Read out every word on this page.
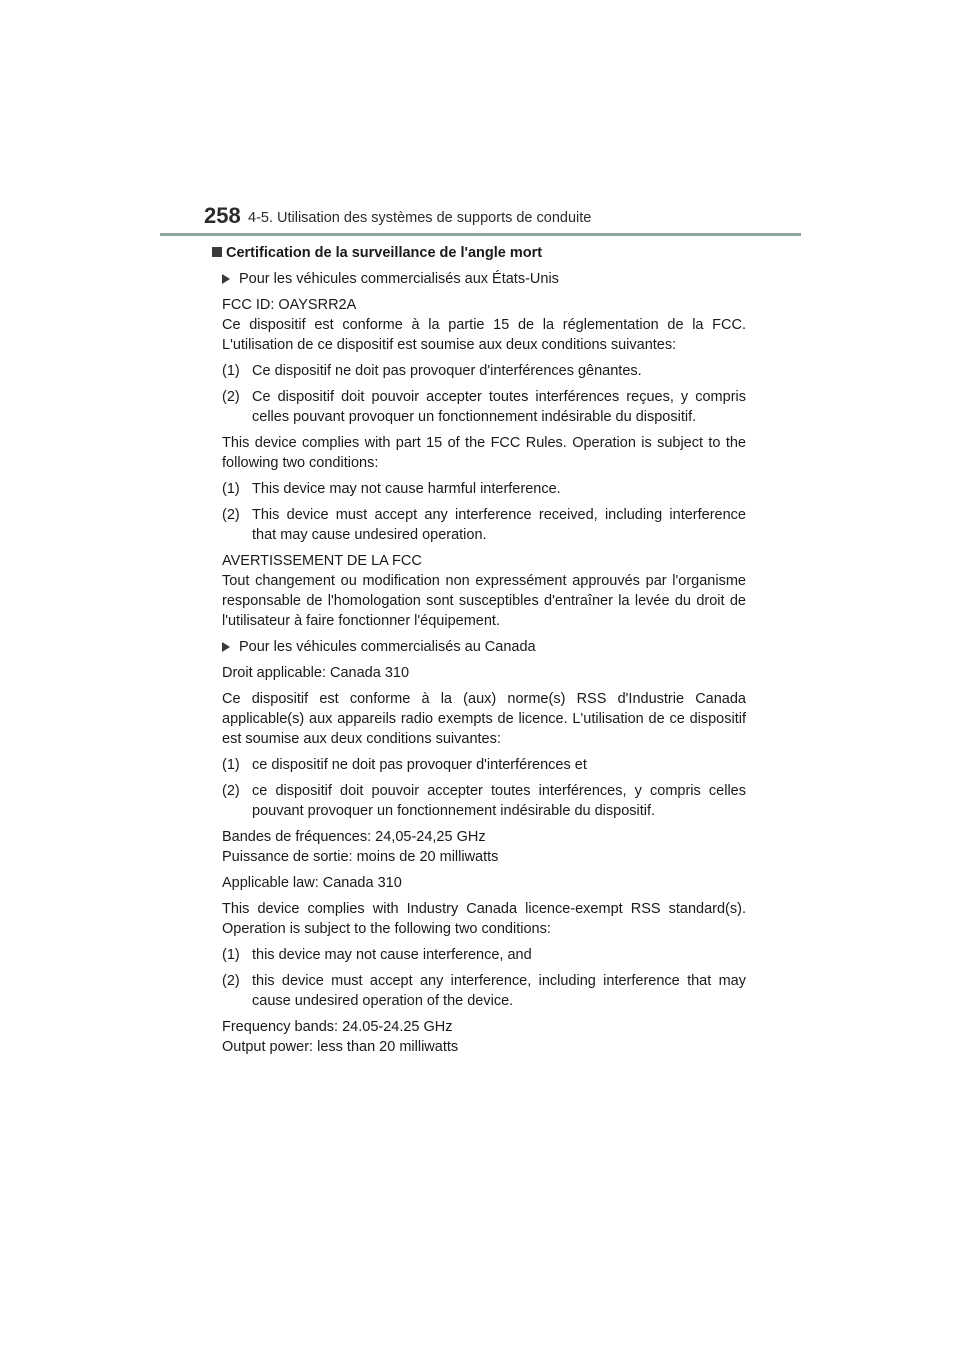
258 4-5. Utilisation des systèmes de supports de conduite
Certification de la surveillance de l'angle mort
Pour les véhicules commercialisés aux États-Unis
FCC ID: OAYSRR2A
Ce dispositif est conforme à la partie 15 de la réglementation de la FCC. L'utilisation de ce dispositif est soumise aux deux conditions suivantes:
(1) Ce dispositif ne doit pas provoquer d'interférences gênantes.
(2) Ce dispositif doit pouvoir accepter toutes interférences reçues, y compris celles pouvant provoquer un fonctionnement indésirable du dispositif.
This device complies with part 15 of the FCC Rules. Operation is subject to the following two conditions:
(1) This device may not cause harmful interference.
(2) This device must accept any interference received, including interference that may cause undesired operation.
AVERTISSEMENT DE LA FCC
Tout changement ou modification non expressément approuvés par l'organisme responsable de l'homologation sont susceptibles d'entraîner la levée du droit de l'utilisateur à faire fonctionner l'équipement.
Pour les véhicules commercialisés au Canada
Droit applicable: Canada 310
Ce dispositif est conforme à la (aux) norme(s) RSS d'Industrie Canada applicable(s) aux appareils radio exempts de licence. L'utilisation de ce dispositif est soumise aux deux conditions suivantes:
(1) ce dispositif ne doit pas provoquer d'interférences et
(2) ce dispositif doit pouvoir accepter toutes interférences, y compris celles pouvant provoquer un fonctionnement indésirable du dispositif.
Bandes de fréquences: 24,05-24,25 GHz
Puissance de sortie: moins de 20 milliwatts
Applicable law: Canada 310
This device complies with Industry Canada licence-exempt RSS standard(s). Operation is subject to the following two conditions:
(1) this device may not cause interference, and
(2) this device must accept any interference, including interference that may cause undesired operation of the device.
Frequency bands: 24.05-24.25 GHz
Output power: less than 20 milliwatts
